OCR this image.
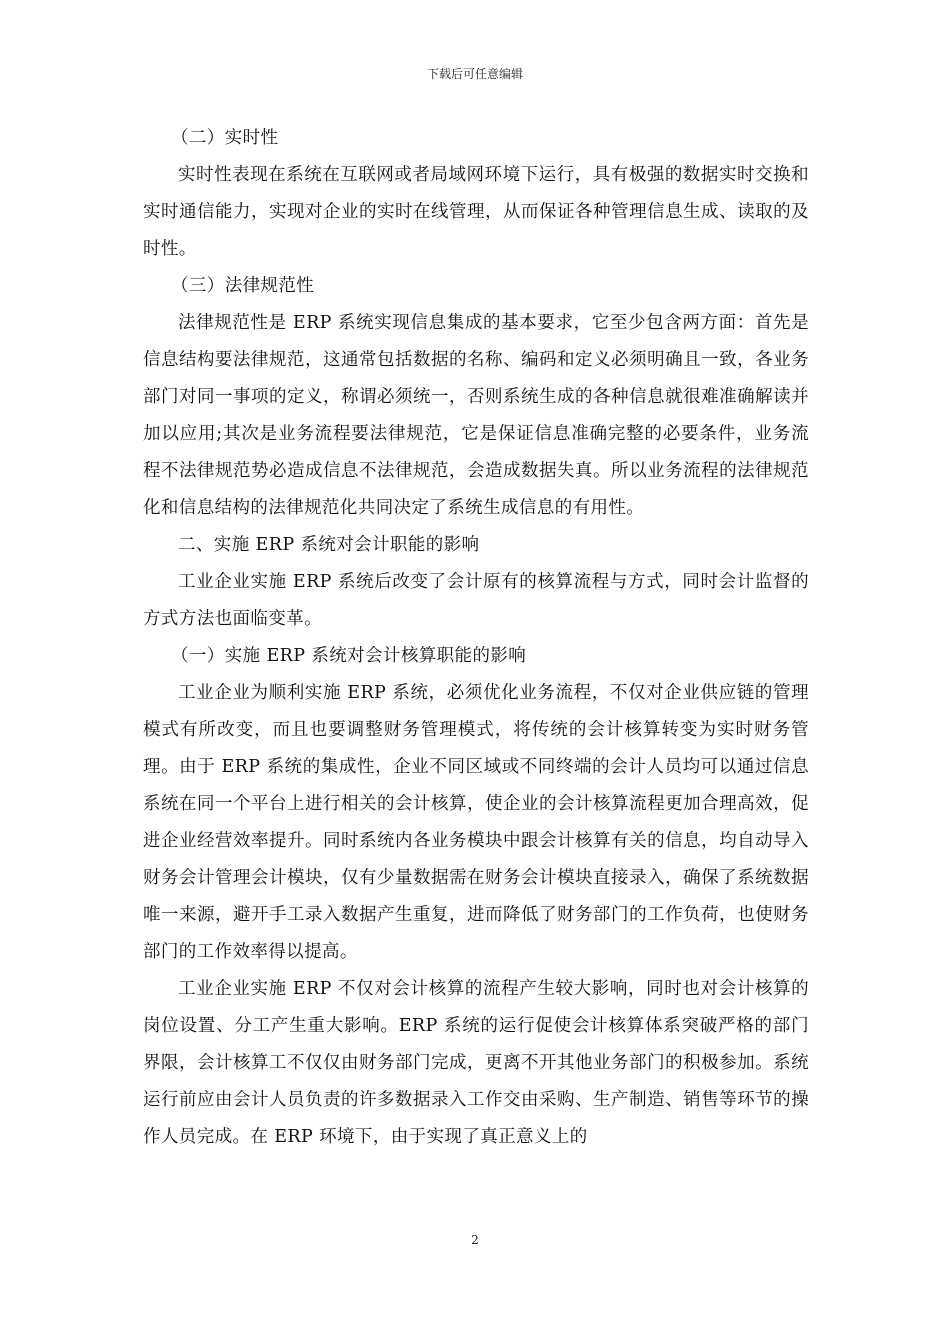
下载后可任意编辑

（二）实时性

实时性表现在系统在互联网或者局域网环境下运行，具有极强的数据实时交换和实时通信能力，实现对企业的实时在线管理，从而保证各种管理信息生成、读取的及时性。

（三）法律规范性

法律规范性是 ERP 系统实现信息集成的基本要求，它至少包含两方面：首先是信息结构要法律规范，这通常包括数据的名称、编码和定义必须明确且一致，各业务部门对同一事项的定义，称谓必须统一，否则系统生成的各种信息就很难准确解读并加以应用;其次是业务流程要法律规范，它是保证信息准确完整的必要条件，业务流程不法律规范势必造成信息不法律规范，会造成数据失真。所以业务流程的法律规范化和信息结构的法律规范化共同决定了系统生成信息的有用性。

二、实施 ERP 系统对会计职能的影响

工业企业实施 ERP 系统后改变了会计原有的核算流程与方式，同时会计监督的方式方法也面临变革。

（一）实施 ERP 系统对会计核算职能的影响

工业企业为顺利实施 ERP 系统，必须优化业务流程，不仅对企业供应链的管理模式有所改变，而且也要调整财务管理模式，将传统的会计核算转变为实时财务管理。由于 ERP 系统的集成性，企业不同区域或不同终端的会计人员均可以通过信息系统在同一个平台上进行相关的会计核算，使企业的会计核算流程更加合理高效，促进企业经营效率提升。同时系统内各业务模块中跟会计核算有关的信息，均自动导入财务会计管理会计模块，仅有少量数据需在财务会计模块直接录入，确保了系统数据唯一来源，避开手工录入数据产生重复，进而降低了财务部门的工作负荷，也使财务部门的工作效率得以提高。

工业企业实施 ERP 不仅对会计核算的流程产生较大影响，同时也对会计核算的岗位设置、分工产生重大影响。ERP 系统的运行促使会计核算体系突破严格的部门界限，会计核算工不仅仅由财务部门完成，更离不开其他业务部门的积极参加。系统运行前应由会计人员负责的许多数据录入工作交由采购、生产制造、销售等环节的操作人员完成。在 ERP 环境下，由于实现了真正意义上的

2
